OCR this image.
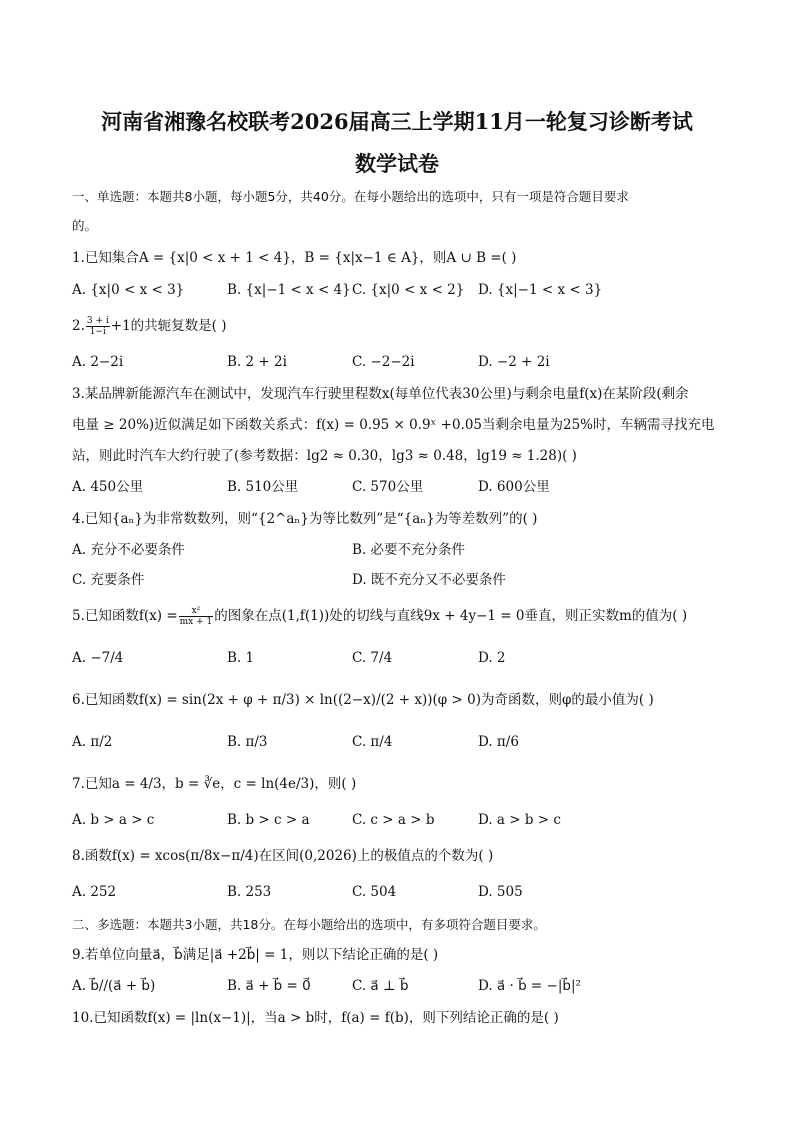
河南省湘豫名校联考2026届高三上学期11月一轮复习诊断考试
数学试卷
一、单选题：本题共8小题，每小题5分，共40分。在每小题给出的选项中，只有一项是符合题目要求
的。
1.已知集合A = {x|0 < x + 1 < 4}，B = {x|x−1 ∈ A}，则A ∪ B =( )
A. {x|0 < x < 3}	B. {x|−1 < x < 4} C. {x|0 < x < 2} D. {x|−1 < x < 3}
2. $\frac{3 + i}{1-i} +1$的共轭复数是( )
A. 2−2i	B. 2 + 2i	C. −2−2i	D. −2 + 2i
3.某品牌新能源汽车在测试中，发现汽车行驶里程数x(每单位代表30公里)与剩余电量f(x)在某阶段(剩余
电量 ≥ 20%)近似满足如下函数关系式：f(x) = 0.95 × 0.9ˣ +0.05当剩余电量为25%时，车辆需寻找充电
站，则此时汽车大约行驶了(参考数据：lg2 ≈ 0.30，lg3 ≈ 0.48，lg19 ≈ 1.28)( )
A. 450公里	B. 510公里	C. 570公里	D. 600公里
4.已知{aₙ}为非常数数列，则“{2^aₙ}为等比数列”是“{aₙ}为等差数列”的( )
A. 充分不必要条件	B. 必要不充分条件
C. 充要条件	D. 既不充分又不必要条件
5.已知函数$f(x) = \frac{\text{x²}}{mx + 1}$ 的图象在点(1,f(1))处的切线与直线9x + 4y−1 = 0垂直，则正实数m的值为( )
A. −7/4	B. 1	C. 7/4	D. 2
6.已知函数f(x) = sin(2x + φ + π/3) × ln((2−x)/(2 + x))(φ > 0)为奇函数，则φ的最小值为( )
A. π/2	B. π/3	C. π/4	D. π/6
7.已知a = 4/3，b = ∛e，c = ln(4e/3)，则( )
A. b > a > c	B. b > c > a	C. c > a > b	D. a > b > c
8.函数f(x) = xcos(π/8x−π/4)在区间(0,2026)上的极值点的个数为( )
A. 252	B. 253	C. 504	D. 505
二、多选题：本题共3小题，共18分。在每小题给出的选项中，有多项符合题目要求。
9.若单位向量a⃗，b⃗满足|a⃗ +2b⃗| = 1，则以下结论正确的是( )
A. b⃗//(a⃗ + b⃗)	B. a⃗ + b⃗ = 0⃗	C. a⃗ ⊥ b⃗	D. a⃗ · b⃗ = −|b⃗|²
10.已知函数f(x) = |ln(x−1)|，当a > b时，f(a) = f(b)，则下列结论正确的是( )
